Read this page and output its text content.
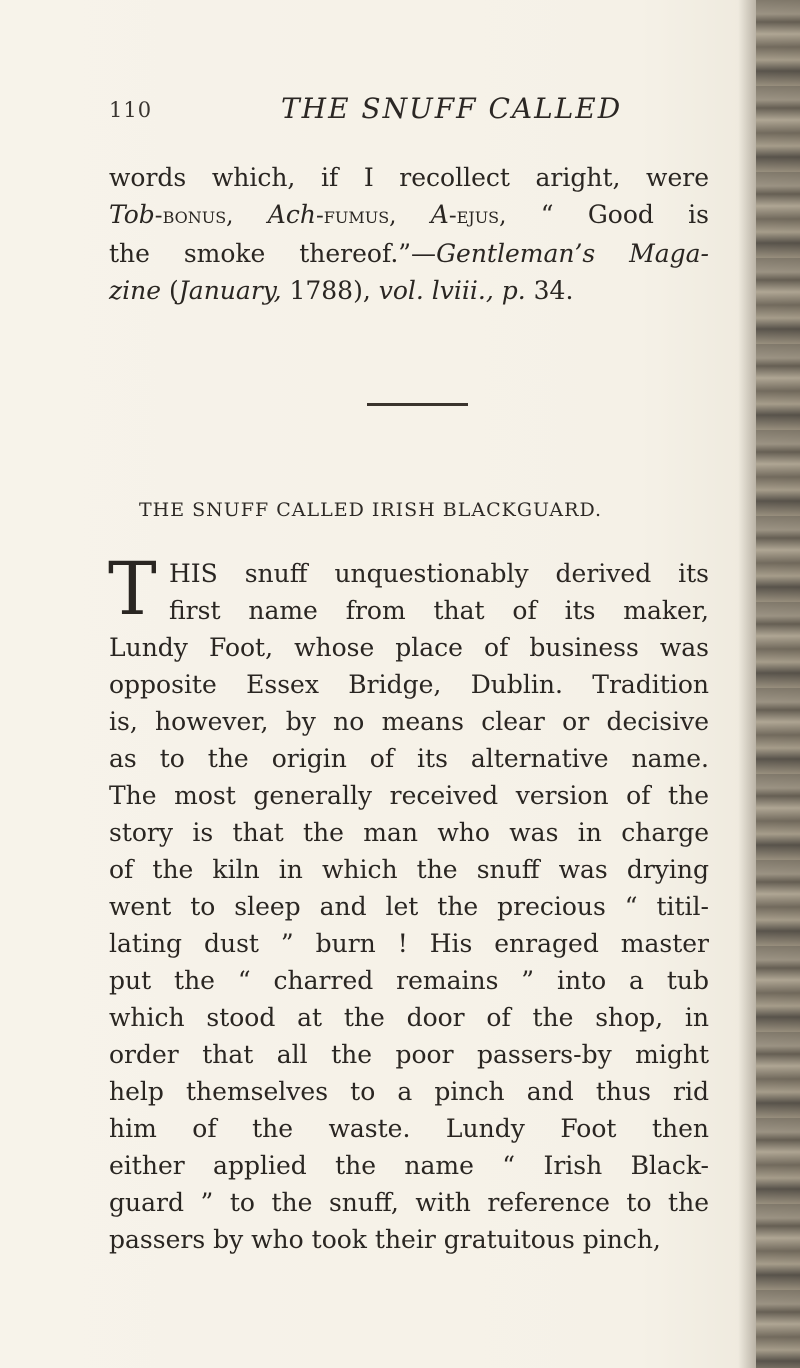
110	THE SNUFF CALLED
words which, if I recollect aright, were
Tob-bonus, Ach-fumus, A-ejus, “ Good is
the smoke thereof.”—Gentleman’s Maga-
zine (January, 1788), vol. lviii., p. 34.
THE SNUFF CALLED IRISH BLACKGUARD.
T HIS snuff unquestionably derived its
first name from that of its maker,
Lundy Foot, whose place of business was
opposite Essex Bridge, Dublin. Tradition
is, however, by no means clear or decisive
as to the origin of its alternative name.
The most generally received version of the
story is that the man who was in charge
of the kiln in which the snuff was drying
went to sleep and let the precious “ titil-
lating dust ” burn ! His enraged master
put the “ charred remains ” into a tub
which stood at the door of the shop, in
order that all the poor passers-by might
help themselves to a pinch and thus rid
him of the waste. Lundy Foot then
either applied the name “ Irish Black-
guard ” to the snuff, with reference to the
passers by who took their gratuitous pinch,
